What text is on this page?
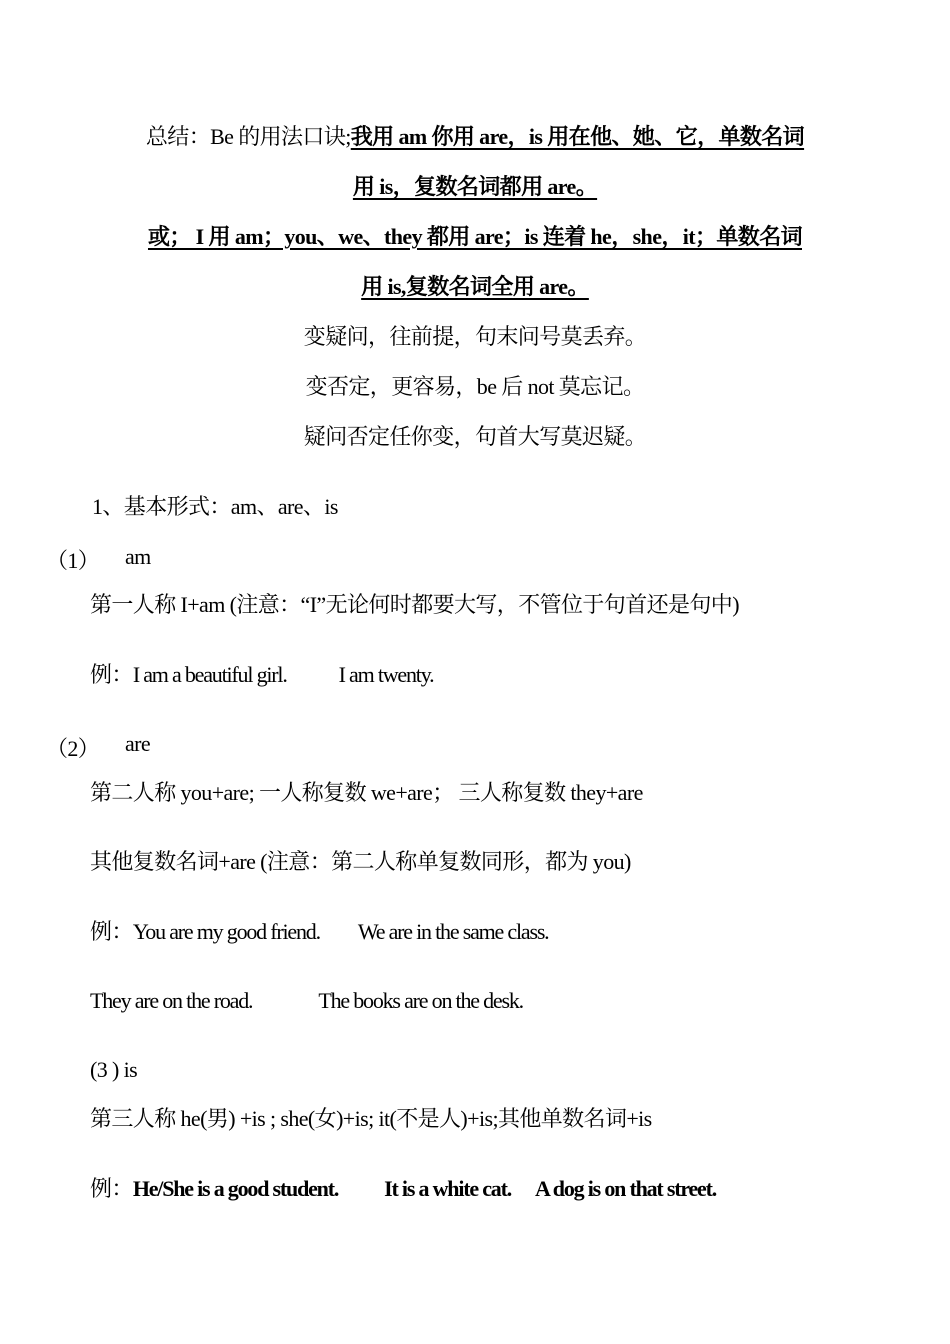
总结：Be 的用法口诀;我用 am 你用 are，is 用在他、她、它，单数名词
用 is，复数名词都用 are。
或； I 用 am；you、we、they 都用 are；is 连着 he，she，it；单数名词
用 is,复数名词全用 are。
变疑问，往前提，句末问号莫丢弃。
变否定，更容易，be 后 not 莫忘记。
疑问否定任你变，句首大写莫迟疑。
1、基本形式：am、are、is
（1） am
第一人称 I+am (注意：“I”无论何时都要大写，不管位于句首还是句中)
例：I am a beautiful girl. I am twenty.
（2） are
第二人称 you+are; 一人称复数 we+are； 三人称复数 they+are
其他复数名词+are (注意：第二人称单复数同形，都为 you)
例：You are my good friend. We are in the same class.
They are on the road.	The books are on the desk.
(3 ) is
第三人称 he(男) +is ; she(女)+is; it(不是人)+is;其他单数名词+is
例：He/She is a good student. It is a white cat. A dog is on that street.
